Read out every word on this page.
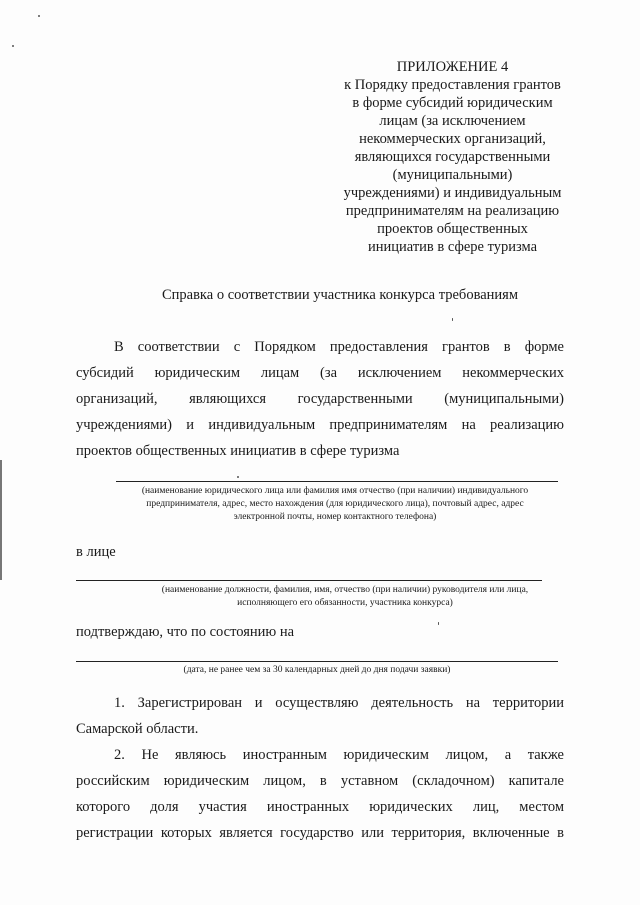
ПРИЛОЖЕНИЕ 4
к Порядку предоставления грантов
в форме субсидий юридическим
лицам (за исключением
некоммерческих организаций,
являющихся государственными
(муниципальными)
учреждениями) и индивидуальным
предпринимателям на реализацию
проектов общественных
инициатив в сфере туризма
Справка о соответствии участника конкурса требованиям
В соответствии с Порядком предоставления грантов в форме
субсидий юридическим лицам (за исключением некоммерческих
организаций, являющихся государственными (муниципальными)
учреждениями) и индивидуальным предпринимателям на реализацию
проектов общественных инициатив в сфере туризма
(наименование юридического лица или фамилия имя отчество (при наличии) индивидуального
предпринимателя, адрес, место нахождения (для юридического лица), почтовый адрес, адрес
электронной почты, номер контактного телефона)
в лице
(наименование должности, фамилия, имя, отчество (при наличии) руководителя или лица,
исполняющего его обязанности, участника конкурса)
подтверждаю, что по состоянию на
(дата, не ранее чем за 30 календарных дней до дня подачи заявки)
1. Зарегистрирован и осуществляю деятельность на территории
Самарской области.
2. Не являюсь иностранным юридическим лицом, а также
российским юридическим лицом, в уставном (складочном) капитале
которого доля участия иностранных юридических лиц, местом
регистрации которых является государство или территория, включенные в
